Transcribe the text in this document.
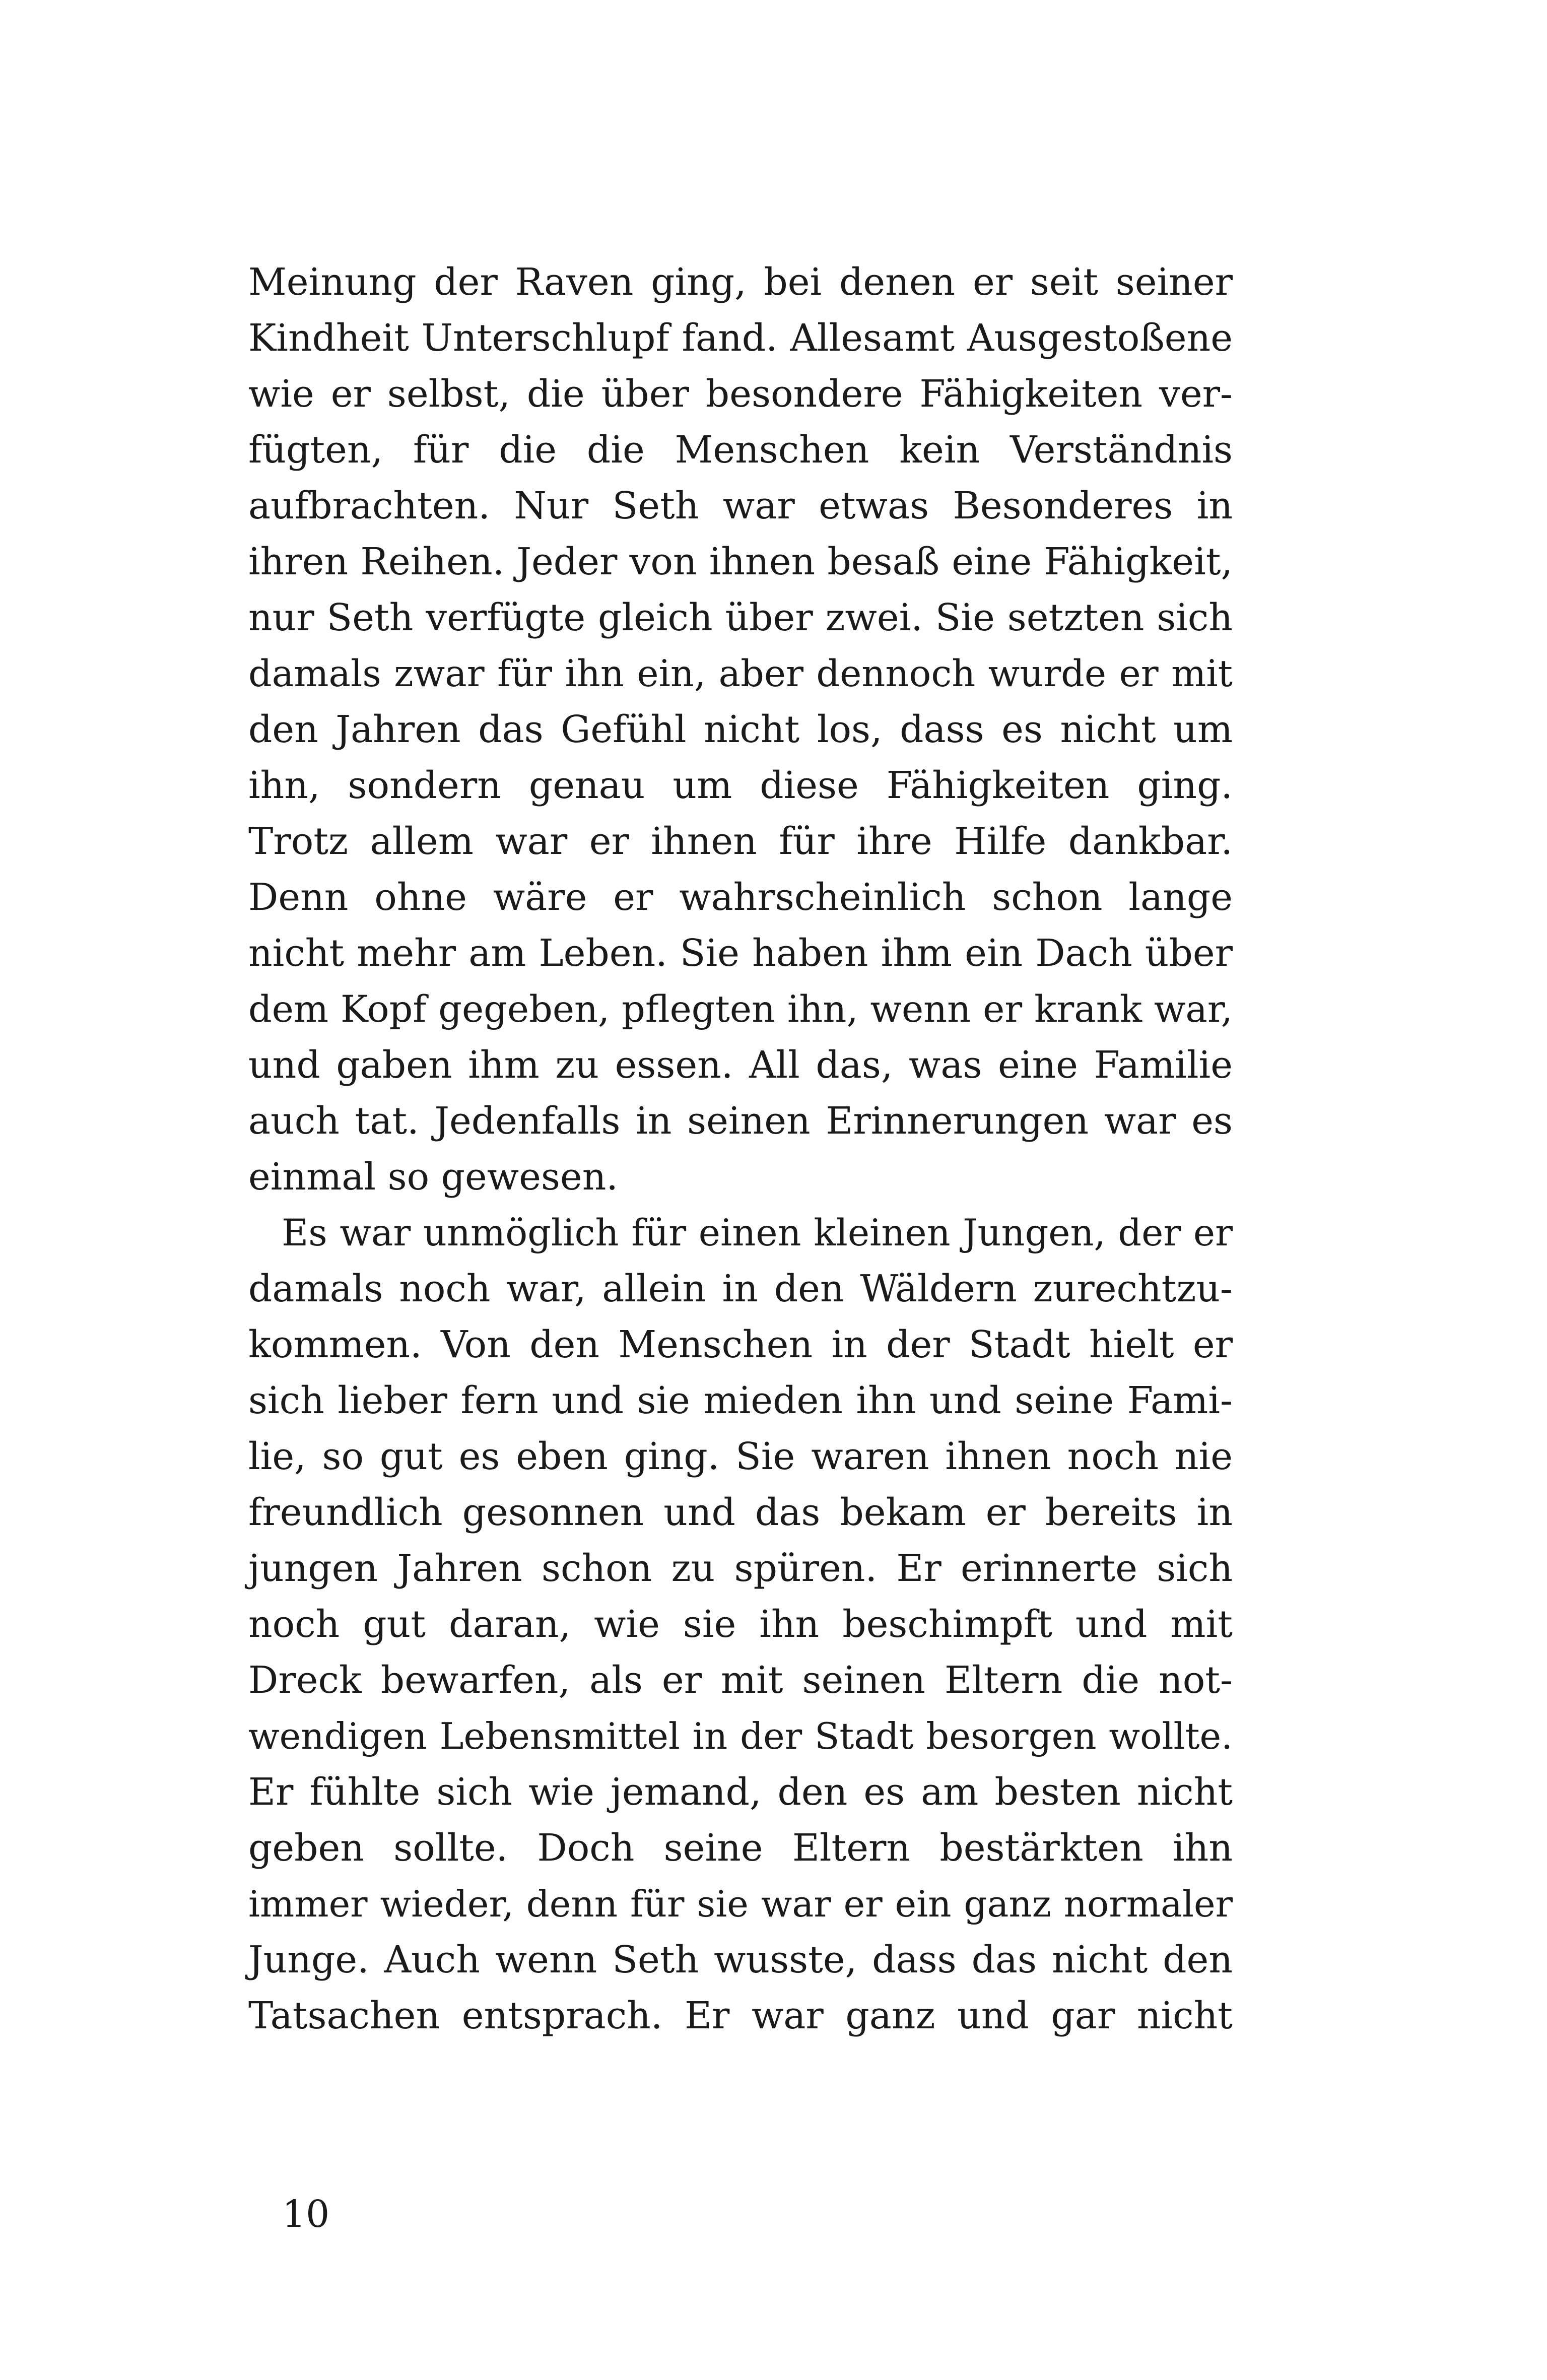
Meinung der Raven ging, bei denen er seit seiner
Kindheit Unterschlupf fand. Allesamt Ausgestoßene
wie er selbst, die über besondere Fähigkeiten ver-
fügten, für die die Menschen kein Verständnis
aufbrachten. Nur Seth war etwas Besonderes in
ihren Reihen. Jeder von ihnen besaß eine Fähigkeit,
nur Seth verfügte gleich über zwei. Sie setzten sich
damals zwar für ihn ein, aber dennoch wurde er mit
den Jahren das Gefühl nicht los, dass es nicht um
ihn, sondern genau um diese Fähigkeiten ging.
Trotz allem war er ihnen für ihre Hilfe dankbar.
Denn ohne wäre er wahrscheinlich schon lange
nicht mehr am Leben. Sie haben ihm ein Dach über
dem Kopf gegeben, pflegten ihn, wenn er krank war,
und gaben ihm zu essen. All das, was eine Familie
auch tat. Jedenfalls in seinen Erinnerungen war es
einmal so gewesen.
Es war unmöglich für einen kleinen Jungen, der er
damals noch war, allein in den Wäldern zurechtzu-
kommen. Von den Menschen in der Stadt hielt er
sich lieber fern und sie mieden ihn und seine Fami-
lie, so gut es eben ging. Sie waren ihnen noch nie
freundlich gesonnen und das bekam er bereits in
jungen Jahren schon zu spüren. Er erinnerte sich
noch gut daran, wie sie ihn beschimpft und mit
Dreck bewarfen, als er mit seinen Eltern die not-
wendigen Lebensmittel in der Stadt besorgen wollte.
Er fühlte sich wie jemand, den es am besten nicht
geben sollte. Doch seine Eltern bestärkten ihn
immer wieder, denn für sie war er ein ganz normaler
Junge. Auch wenn Seth wusste, dass das nicht den
Tatsachen entsprach. Er war ganz und gar nicht
10
